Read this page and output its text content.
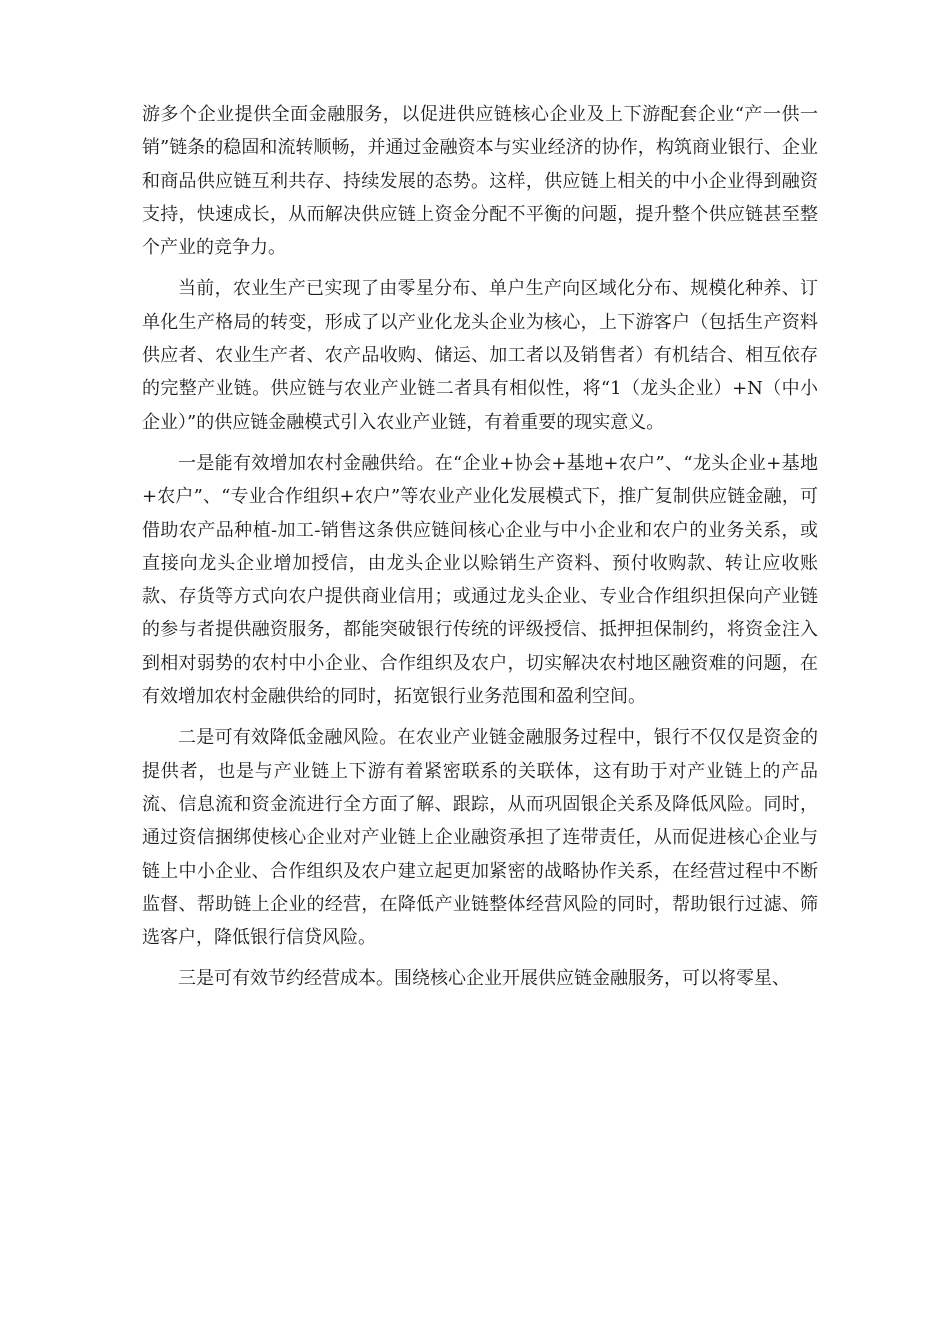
游多个企业提供全面金融服务，以促进供应链核心企业及上下游配套企业“产一供一销”链条的稳固和流转顺畅，并通过金融资本与实业经济的协作，构筑商业银行、企业和商品供应链互利共存、持续发展的态势。这样，供应链上相关的中小企业得到融资支持，快速成长，从而解决供应链上资金分配不平衡的问题，提升整个供应链甚至整个产业的竞争力。

当前，农业生产已实现了由零星分布、单户生产向区域化分布、规模化种养、订单化生产格局的转变，形成了以产业化龙头企业为核心，上下游客户（包括生产资料供应者、农业生产者、农产品收购、储运、加工者以及销售者）有机结合、相互依存的完整产业链。供应链与农业产业链二者具有相似性，将“1（龙头企业）+N（中小企业）”的供应链金融模式引入农业产业链，有着重要的现实意义。

一是能有效增加农村金融供给。在“企业+协会+基地+农户”、“龙头企业+基地+农户”、“专业合作组织+农户”等农业产业化发展模式下，推广复制供应链金融，可借助农产品种植-加工-销售这条供应链间核心企业与中小企业和农户的业务关系，或直接向龙头企业增加授信，由龙头企业以赊销生产资料、预付收购款、转让应收账款、存货等方式向农户提供商业信用；或通过龙头企业、专业合作组织担保向产业链的参与者提供融资服务，都能突破银行传统的评级授信、抵押担保制约，将资金注入到相对弱势的农村中小企业、合作组织及农户，切实解决农村地区融资难的问题，在有效增加农村金融供给的同时，拓宽银行业务范围和盈利空间。

二是可有效降低金融风险。在农业产业链金融服务过程中，银行不仅仅是资金的提供者，也是与产业链上下游有着紧密联系的关联体，这有助于对产业链上的产品流、信息流和资金流进行全方面了解、跟踪，从而巩固银企关系及降低风险。同时，通过资信捆绑使核心企业对产业链上企业融资承担了连带责任，从而促进核心企业与链上中小企业、合作组织及农户建立起更加紧密的战略协作关系，在经营过程中不断监督、帮助链上企业的经营，在降低产业链整体经营风险的同时，帮助银行过滤、筛选客户，降低银行信贷风险。

三是可有效节约经营成本。围绕核心企业开展供应链金融服务，可以将零星、
